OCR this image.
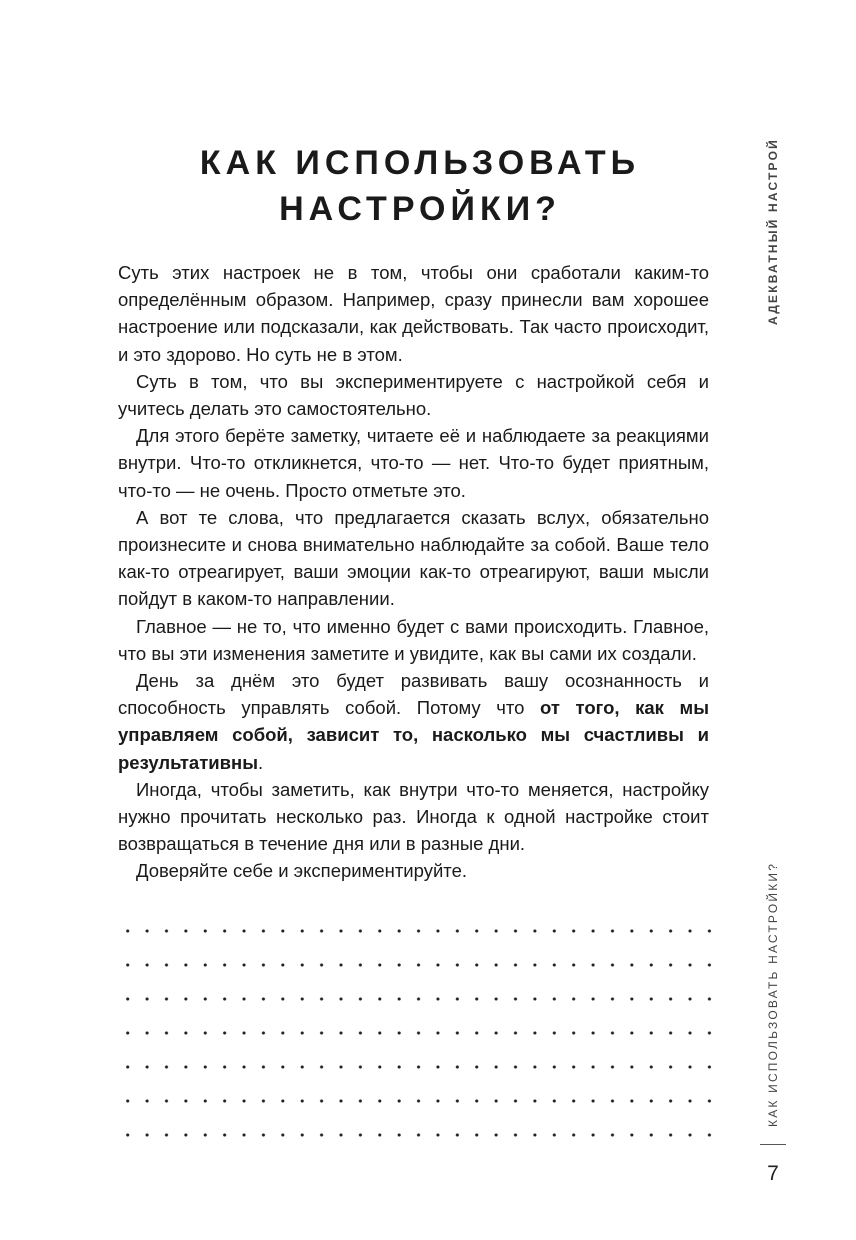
КАК ИСПОЛЬЗОВАТЬ
НАСТРОЙКИ?

Суть этих настроек не в том, чтобы они сработали каким-то определённым образом. Например, сразу принесли вам хорошее настроение или подсказали, как действовать. Так часто происходит, и это здорово. Но суть не в этом.

Суть в том, что вы экспериментируете с настройкой себя и учитесь делать это самостоятельно.

Для этого берёте заметку, читаете её и наблюдаете за реакциями внутри. Что-то откликнется, что-то — нет. Что-то будет приятным, что-то — не очень. Просто отметьте это.

А вот те слова, что предлагается сказать вслух, обязательно произнесите и снова внимательно наблюдайте за собой. Ваше тело как-то отреагирует, ваши эмоции как-то отреагируют, ваши мысли пойдут в каком-то направлении.

Главное — не то, что именно будет с вами происходить. Главное, что вы эти изменения заметите и увидите, как вы сами их создали.

День за днём это будет развивать вашу осознанность и способность управлять собой. Потому что от того, как мы управляем собой, зависит то, насколько мы счастливы и результативны.

Иногда, чтобы заметить, как внутри что-то меняется, настройку нужно прочитать несколько раз. Иногда к одной настройке стоит возвращаться в течение дня или в разные дни.

Доверяйте себе и экспериментируйте.

АДЕКВАТНЫЙ НАСТРОЙ
КАК ИСПОЛЬЗОВАТЬ НАСТРОЙКИ?
7
